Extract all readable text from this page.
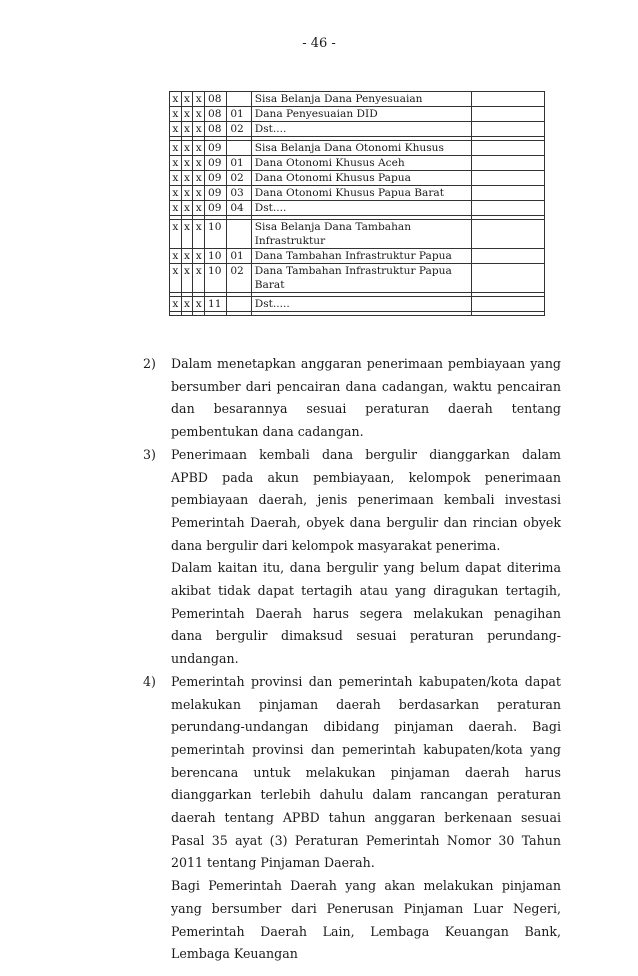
- 46 -
x	x	x	08		Sisa Belanja Dana Penyesuaian	
x	x	x	08	01	Dana Penyesuaian DID	
x	x	x	08	02	Dst....	

x	x	x	09		Sisa Belanja Dana Otonomi Khusus	
x	x	x	09	01	Dana Otonomi Khusus Aceh	
x	x	x	09	02	Dana Otonomi Khusus Papua	
x	x	x	09	03	Dana Otonomi Khusus Papua Barat	
x	x	x	09	04	Dst....	

x	x	x	10		Sisa Belanja Dana Tambahan Infrastruktur	
x	x	x	10	01	Dana Tambahan Infrastruktur Papua	
x	x	x	10	02	Dana Tambahan Infrastruktur Papua Barat	

x	x	x	11		Dst.....	

2)	Dalam menetapkan anggaran penerimaan pembiayaan yang bersumber dari pencairan dana cadangan, waktu pencairan dan besarannya sesuai peraturan daerah tentang pembentukan dana cadangan.

3)	Penerimaan kembali dana bergulir dianggarkan dalam APBD pada akun pembiayaan, kelompok penerimaan pembiayaan daerah, jenis penerimaan kembali investasi Pemerintah Daerah, obyek dana bergulir dan rincian obyek dana bergulir dari kelompok masyarakat penerima.

Dalam kaitan itu, dana bergulir yang belum dapat diterima akibat tidak dapat tertagih atau yang diragukan tertagih, Pemerintah Daerah harus segera melakukan penagihan dana bergulir dimaksud sesuai peraturan perundang-undangan.

4)	Pemerintah provinsi dan pemerintah kabupaten/kota dapat melakukan pinjaman daerah berdasarkan peraturan perundang-undangan dibidang pinjaman daerah. Bagi pemerintah provinsi dan pemerintah kabupaten/kota yang berencana untuk melakukan pinjaman daerah harus dianggarkan terlebih dahulu dalam rancangan peraturan daerah tentang APBD tahun anggaran berkenaan sesuai Pasal 35 ayat (3) Peraturan Pemerintah Nomor 30 Tahun 2011 tentang Pinjaman Daerah.

Bagi Pemerintah Daerah yang akan melakukan pinjaman yang bersumber dari Penerusan Pinjaman Luar Negeri, Pemerintah Daerah Lain, Lembaga Keuangan Bank, Lembaga Keuangan
